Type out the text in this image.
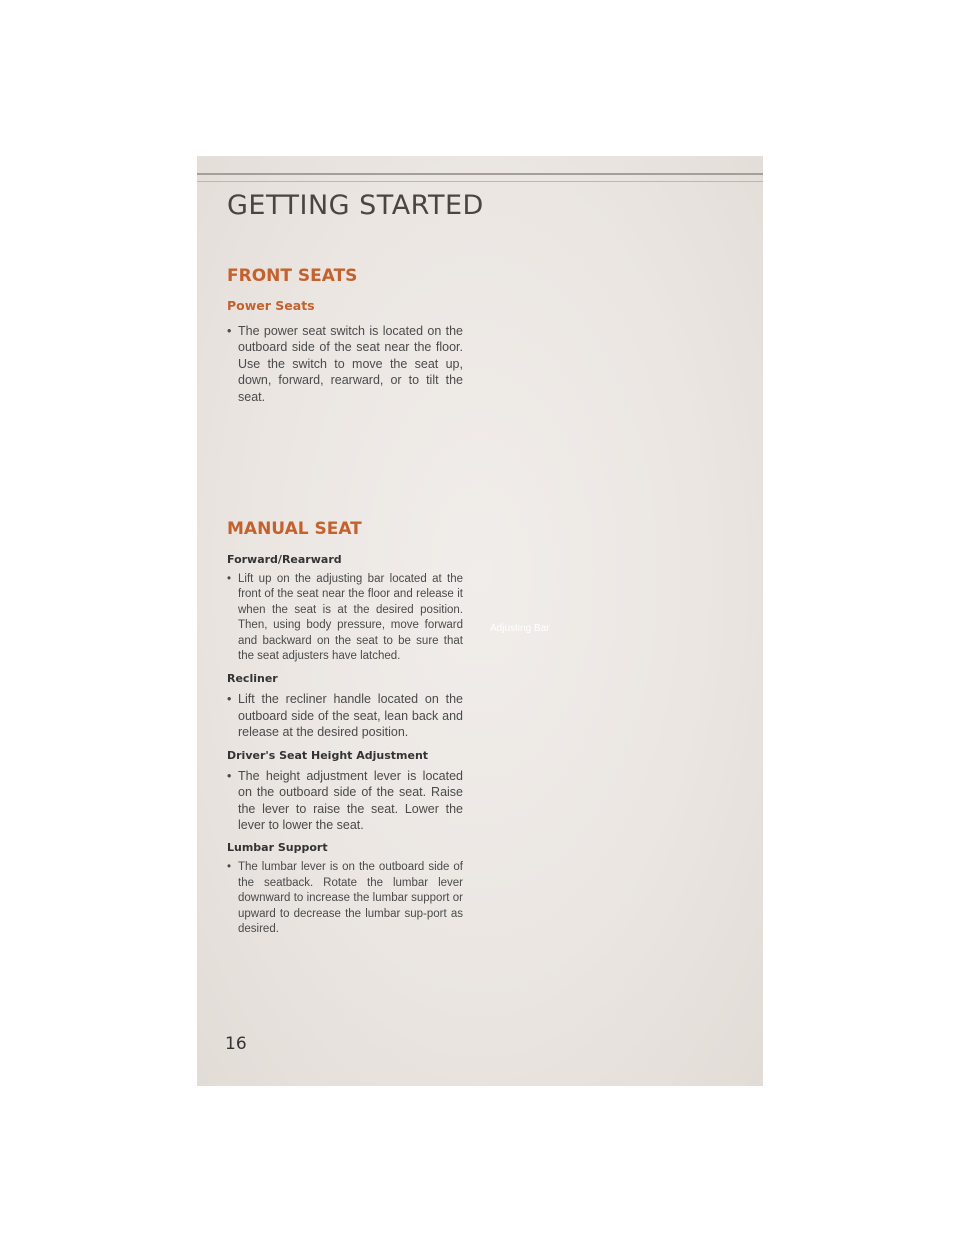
GETTING STARTED
FRONT SEATS
Power Seats

• The power seat switch is located on the outboard side of the seat near the floor. Use the switch to move the seat up, down, forward, rearward, or to tilt the seat.

MANUAL SEAT
Forward/Rearward

• Lift up on the adjusting bar located at the front of the seat near the floor and release it when the seat is at the desired position. Then, using body pressure, move forward and backward on the seat to be sure that the seat adjusters have latched.

Recliner

• Lift the recliner handle located on the outboard side of the seat, lean back and release at the desired position.

Driver's Seat Height Adjustment

• The height adjustment lever is located on the outboard side of the seat. Raise the lever to raise the seat. Lower the lever to lower the seat.

Lumbar Support

• The lumbar lever is on the outboard side of the seatback. Rotate the lumbar lever downward to increase the lumbar support or upward to decrease the lumbar sup-port as desired.

Adjusting Bar
16
